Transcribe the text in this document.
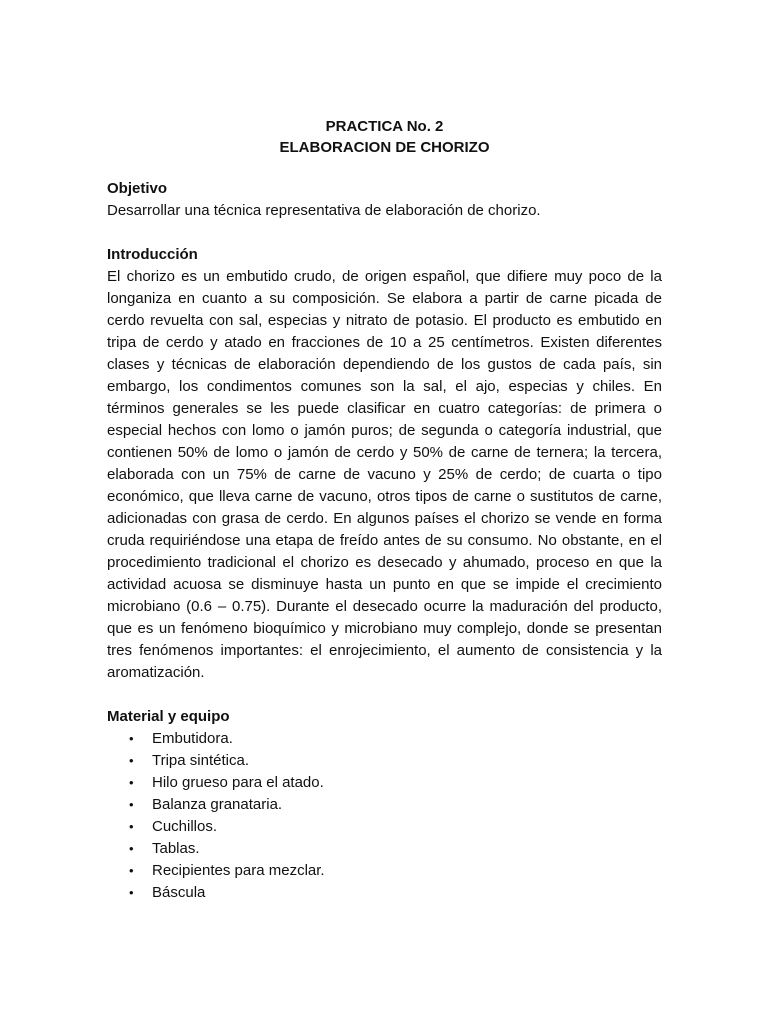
PRACTICA No. 2

ELABORACION DE CHORIZO

Objetivo

Desarrollar una técnica representativa de elaboración de chorizo.

Introducción

El chorizo es un embutido crudo, de origen español, que difiere muy poco de la longaniza en cuanto a su composición. Se elabora a partir de carne picada de cerdo revuelta con sal, especias y nitrato de potasio. El producto es embutido en tripa de cerdo y atado en fracciones de 10 a 25 centímetros. Existen diferentes clases y técnicas de elaboración dependiendo de los gustos de cada país, sin embargo, los condimentos comunes son la sal, el ajo, especias y chiles. En términos generales se les puede clasificar en cuatro categorías: de primera o especial hechos con lomo o jamón puros; de segunda o categoría industrial, que contienen 50% de lomo o jamón de cerdo y 50% de carne de ternera; la tercera, elaborada con un 75% de carne de vacuno y 25% de cerdo; de cuarta o tipo económico, que lleva carne de vacuno, otros tipos de carne o sustitutos de carne, adicionadas con grasa de cerdo. En algunos países el chorizo se vende en forma cruda requiriéndose una etapa de freído antes de su consumo. No obstante, en el procedimiento tradicional el chorizo es desecado y ahumado, proceso en que la actividad acuosa se disminuye hasta un punto en que se impide el crecimiento microbiano (0.6 – 0.75). Durante el desecado ocurre la maduración del producto, que es un fenómeno bioquímico y microbiano muy complejo, donde se presentan tres fenómenos importantes: el enrojecimiento, el aumento de consistencia y la aromatización.

Material y equipo

• Embutidora.
• Tripa sintética.
• Hilo grueso para el atado.
• Balanza granataria.
• Cuchillos.
• Tablas.
• Recipientes para mezclar.
• Báscula
